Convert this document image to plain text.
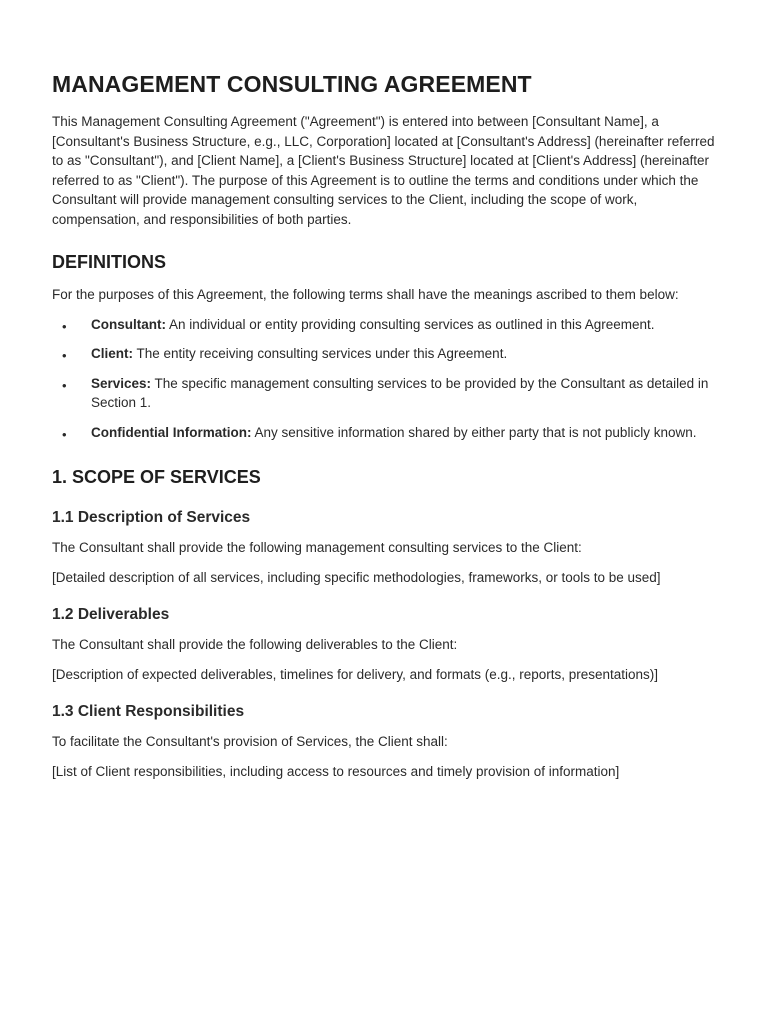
MANAGEMENT CONSULTING AGREEMENT

This Management Consulting Agreement ("Agreement") is entered into between [Consultant Name], a [Consultant's Business Structure, e.g., LLC, Corporation] located at [Consultant's Address] (hereinafter referred to as "Consultant"), and [Client Name], a [Client's Business Structure] located at [Client's Address] (hereinafter referred to as "Client"). The purpose of this Agreement is to outline the terms and conditions under which the Consultant will provide management consulting services to the Client, including the scope of work, compensation, and responsibilities of both parties.

DEFINITIONS

For the purposes of this Agreement, the following terms shall have the meanings ascribed to them below:

• Consultant: An individual or entity providing consulting services as outlined in this Agreement.
• Client: The entity receiving consulting services under this Agreement.
• Services: The specific management consulting services to be provided by the Consultant as detailed in Section 1.
• Confidential Information: Any sensitive information shared by either party that is not publicly known.
1. SCOPE OF SERVICES
1.1 Description of Services

The Consultant shall provide the following management consulting services to the Client:

[Detailed description of all services, including specific methodologies, frameworks, or tools to be used]

1.2 Deliverables

The Consultant shall provide the following deliverables to the Client:

[Description of expected deliverables, timelines for delivery, and formats (e.g., reports, presentations)]

1.3 Client Responsibilities

To facilitate the Consultant's provision of Services, the Client shall:

[List of Client responsibilities, including access to resources and timely provision of information]
